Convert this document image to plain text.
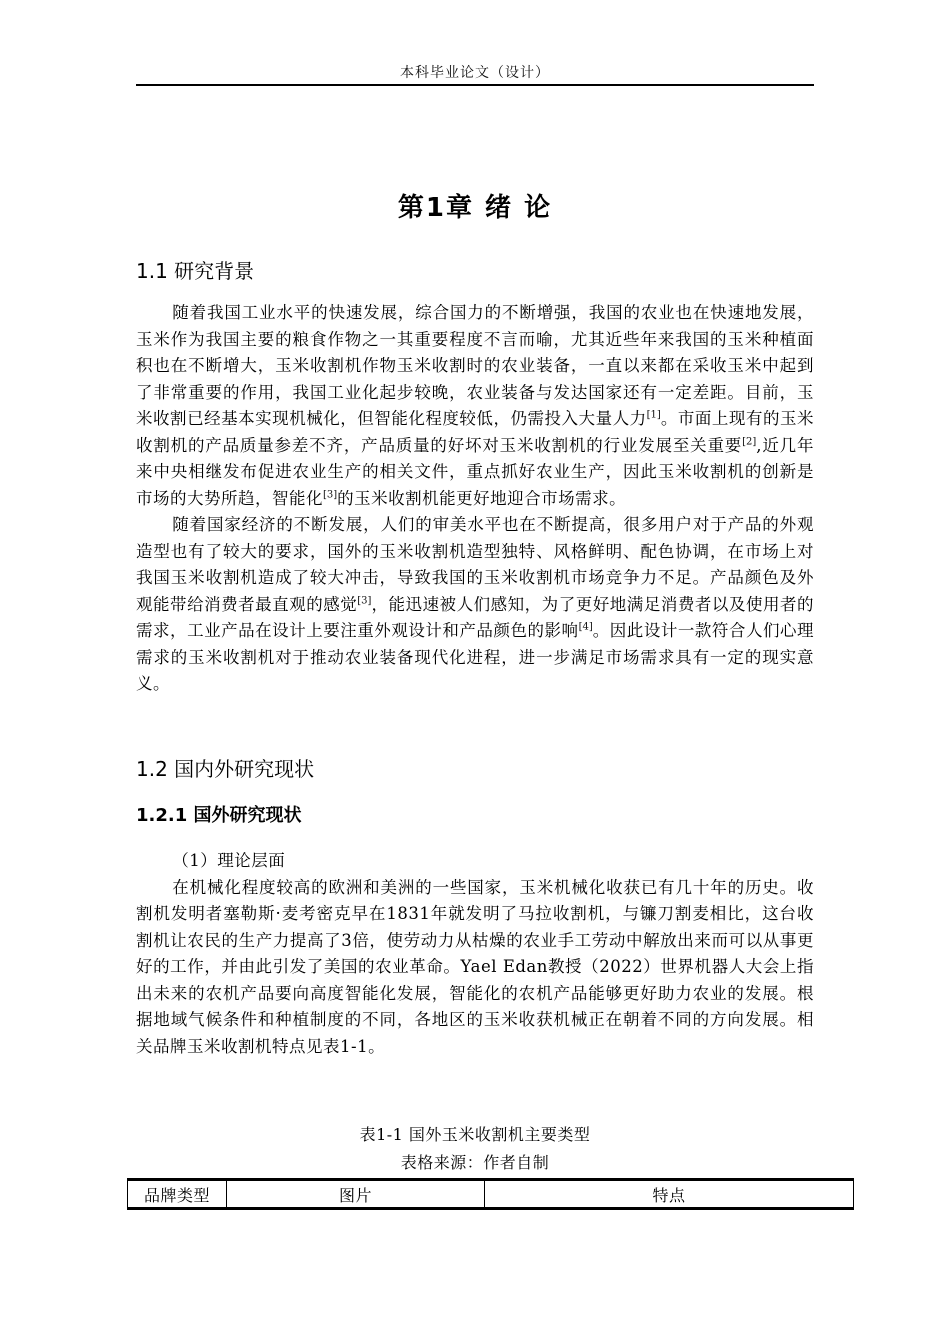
本科毕业论文（设计）
第1章 绪 论
1.1 研究背景

随着我国工业水平的快速发展，综合国力的不断增强，我国的农业也在快速地发展，玉米作为我国主要的粮食作物之一其重要程度不言而喻，尤其近些年来我国的玉米种植面积也在不断增大，玉米收割机作物玉米收割时的农业装备，一直以来都在采收玉米中起到了非常重要的作用，我国工业化起步较晚，农业装备与发达国家还有一定差距。目前，玉米收割已经基本实现机械化，但智能化程度较低，仍需投入大量人力[1]。市面上现有的玉米收割机的产品质量参差不齐，产品质量的好坏对玉米收割机的行业发展至关重要[2],近几年来中央相继发布促进农业生产的相关文件，重点抓好农业生产，因此玉米收割机的创新是市场的大势所趋，智能化[3]的玉米收割机能更好地迎合市场需求。

随着国家经济的不断发展，人们的审美水平也在不断提高，很多用户对于产品的外观造型也有了较大的要求，国外的玉米收割机造型独特、风格鲜明、配色协调，在市场上对我国玉米收割机造成了较大冲击，导致我国的玉米收割机市场竞争力不足。产品颜色及外观能带给消费者最直观的感觉[3]，能迅速被人们感知，为了更好地满足消费者以及使用者的需求，工业产品在设计上要注重外观设计和产品颜色的影响[4]。因此设计一款符合人们心理需求的玉米收割机对于推动农业装备现代化进程，进一步满足市场需求具有一定的现实意义。

1.2 国内外研究现状
1.2.1 国外研究现状

（1）理论层面

在机械化程度较高的欧洲和美洲的一些国家，玉米机械化收获已有几十年的历史。收割机发明者塞勒斯·麦考密克早在1831年就发明了马拉收割机，与镰刀割麦相比，这台收割机让农民的生产力提高了3倍，使劳动力从枯燥的农业手工劳动中解放出来而可以从事更好的工作，并由此引发了美国的农业革命。Yael Edan教授（2022）世界机器人大会上指出未来的农机产品要向高度智能化发展，智能化的农机产品能够更好助力农业的发展。根据地域气候条件和种植制度的不同，各地区的玉米收获机械正在朝着不同的方向发展。相关品牌玉米收割机特点见表1-1。

表1-1 国外玉米收割机主要类型
表格来源：作者自制
品牌类型	图片	特点
